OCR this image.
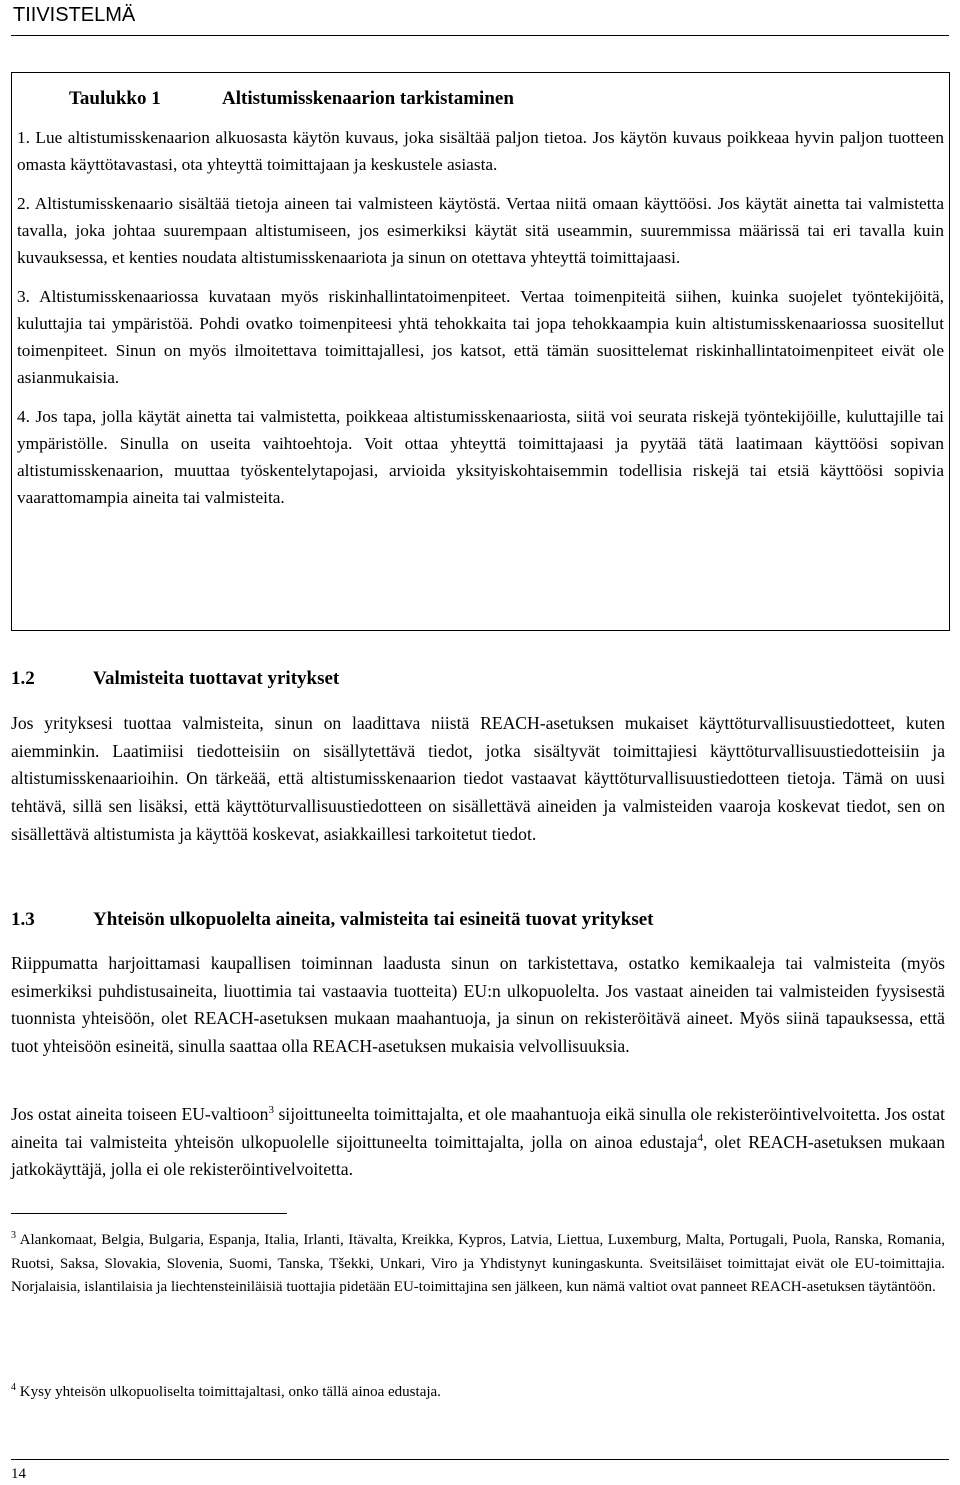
TIIVISTELMÄ
Taulukko 1	Altistumisskenaarion tarkistaminen

1. Lue altistumisskenaarion alkuosasta käytön kuvaus, joka sisältää paljon tietoa. Jos käytön kuvaus poikkeaa hyvin paljon tuotteen omasta käyttötavastasi, ota yhteyttä toimittajaan ja keskustele asiasta.

2. Altistumisskenaario sisältää tietoja aineen tai valmisteen käytöstä. Vertaa niitä omaan käyttöösi. Jos käytät ainetta tai valmistetta tavalla, joka johtaa suurempaan altistumiseen, jos esimerkiksi käytät sitä useammin, suuremmissa määrissä tai eri tavalla kuin kuvauksessa, et kenties noudata altistumisskenaariota ja sinun on otettava yhteyttä toimittajaasi.

3. Altistumisskenaariossa kuvataan myös riskinhallintatoimenpiteet. Vertaa toimenpiteitä siihen, kuinka suojelet työntekijöitä, kuluttajia tai ympäristöä. Pohdi ovatko toimenpiteesi yhtä tehokkaita tai jopa tehokkaampia kuin altistumisskenaariossa suositellut toimenpiteet. Sinun on myös ilmoitettava toimittajallesi, jos katsot, että tämän suosittelemat riskinhallintatoimenpiteet eivät ole asianmukaisia.

4. Jos tapa, jolla käytät ainetta tai valmistetta, poikkeaa altistumisskenaariosta, siitä voi seurata riskejä työntekijöille, kuluttajille tai ympäristölle. Sinulla on useita vaihtoehtoja. Voit ottaa yhteyttä toimittajaasi ja pyytää tätä laatimaan käyttöösi sopivan altistumisskenaarion, muuttaa työskentelytapojasi, arvioida yksityiskohtaisemmin todellisia riskejä tai etsiä käyttöösi sopivia vaarattomampia aineita tai valmisteita.

1.2	Valmisteita tuottavat yritykset

Jos yrityksesi tuottaa valmisteita, sinun on laadittava niistä REACH-asetuksen mukaiset käyttöturvallisuustiedotteet, kuten aiemminkin. Laatimiisi tiedotteisiin on sisällytettävä tiedot, jotka sisältyvät toimittajiesi käyttöturvallisuustiedotteisiin ja altistumisskenaarioihin. On tärkeää, että altistumisskenaarion tiedot vastaavat käyttöturvallisuustiedotteen tietoja. Tämä on uusi tehtävä, sillä sen lisäksi, että käyttöturvallisuustiedotteen on sisällettävä aineiden ja valmisteiden vaaroja koskevat tiedot, sen on sisällettävä altistumista ja käyttöä koskevat, asiakkaillesi tarkoitetut tiedot.

1.3	Yhteisön ulkopuolelta aineita, valmisteita tai esineitä tuovat yritykset

Riippumatta harjoittamasi kaupallisen toiminnan laadusta sinun on tarkistettava, ostatko kemikaaleja tai valmisteita (myös esimerkiksi puhdistusaineita, liuottimia tai vastaavia tuotteita) EU:n ulkopuolelta. Jos vastaat aineiden tai valmisteiden fyysisestä tuonnista yhteisöön, olet REACH-asetuksen mukaan maahantuoja, ja sinun on rekisteröitävä aineet. Myös siinä tapauksessa, että tuot yhteisöön esineitä, sinulla saattaa olla REACH-asetuksen mukaisia velvollisuuksia.

Jos ostat aineita toiseen EU-valtioon$^3$ sijoittuneelta toimittajalta, et ole maahantuoja eikä sinulla ole rekisteröintivelvoitetta. Jos ostat aineita tai valmisteita yhteisön ulkopuolelle sijoittuneelta toimittajalta, jolla on ainoa edustaja$^4$, olet REACH-asetuksen mukaan jatkokäyttäjä, jolla ei ole rekisteröintivelvoitetta.

$^3$ Alankomaat, Belgia, Bulgaria, Espanja, Italia, Irlanti, Itävalta, Kreikka, Kypros, Latvia, Liettua, Luxemburg, Malta, Portugali, Puola, Ranska, Romania, Ruotsi, Saksa, Slovakia, Slovenia, Suomi, Tanska, Tšekki, Unkari, Viro ja Yhdistynyt kuningaskunta. Sveitsiläiset toimittajat eivät ole EU-toimittajia. Norjalaisia, islantilaisia ja liechtensteiniläisiä tuottajia pidetään EU-toimittajina sen jälkeen, kun nämä valtiot ovat panneet REACH-asetuksen täytäntöön.

$^4$ Kysy yhteisön ulkopuoliselta toimittajaltasi, onko tällä ainoa edustaja.

14
